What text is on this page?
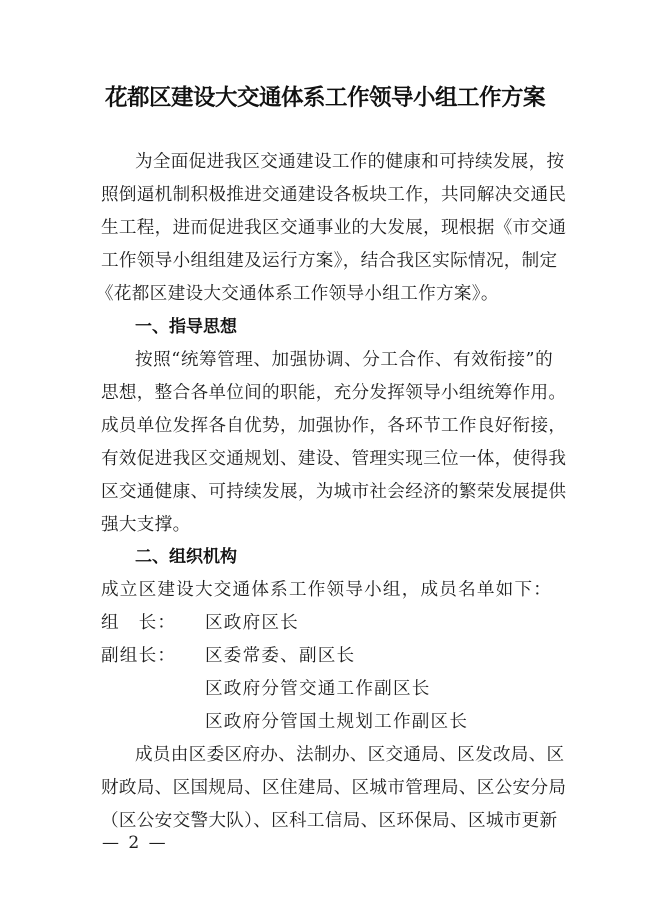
花都区建设大交通体系工作领导小组工作方案
为全面促进我区交通建设工作的健康和可持续发展，按
照倒逼机制积极推进交通建设各板块工作，共同解决交通民
生工程，进而促进我区交通事业的大发展，现根据《市交通
工作领导小组组建及运行方案》，结合我区实际情况，制定
《花都区建设大交通体系工作领导小组工作方案》。
一、指导思想
按照“统筹管理、加强协调、分工合作、有效衔接”的
思想，整合各单位间的职能，充分发挥领导小组统筹作用。
成员单位发挥各自优势，加强协作，各环节工作良好衔接，
有效促进我区交通规划、建设、管理实现三位一体，使得我
区交通健康、可持续发展，为城市社会经济的繁荣发展提供
强大支撑。
二、组织机构
成立区建设大交通体系工作领导小组，成员名单如下：
组　长： 区政府区长
副组长： 区委常委、副区长
区政府分管交通工作副区长
区政府分管国土规划工作副区长
成员由区委区府办、法制办、区交通局、区发改局、区
财政局、区国规局、区住建局、区城市管理局、区公安分局
（区公安交警大队）、区科工信局、区环保局、区城市更新
— 2 —
